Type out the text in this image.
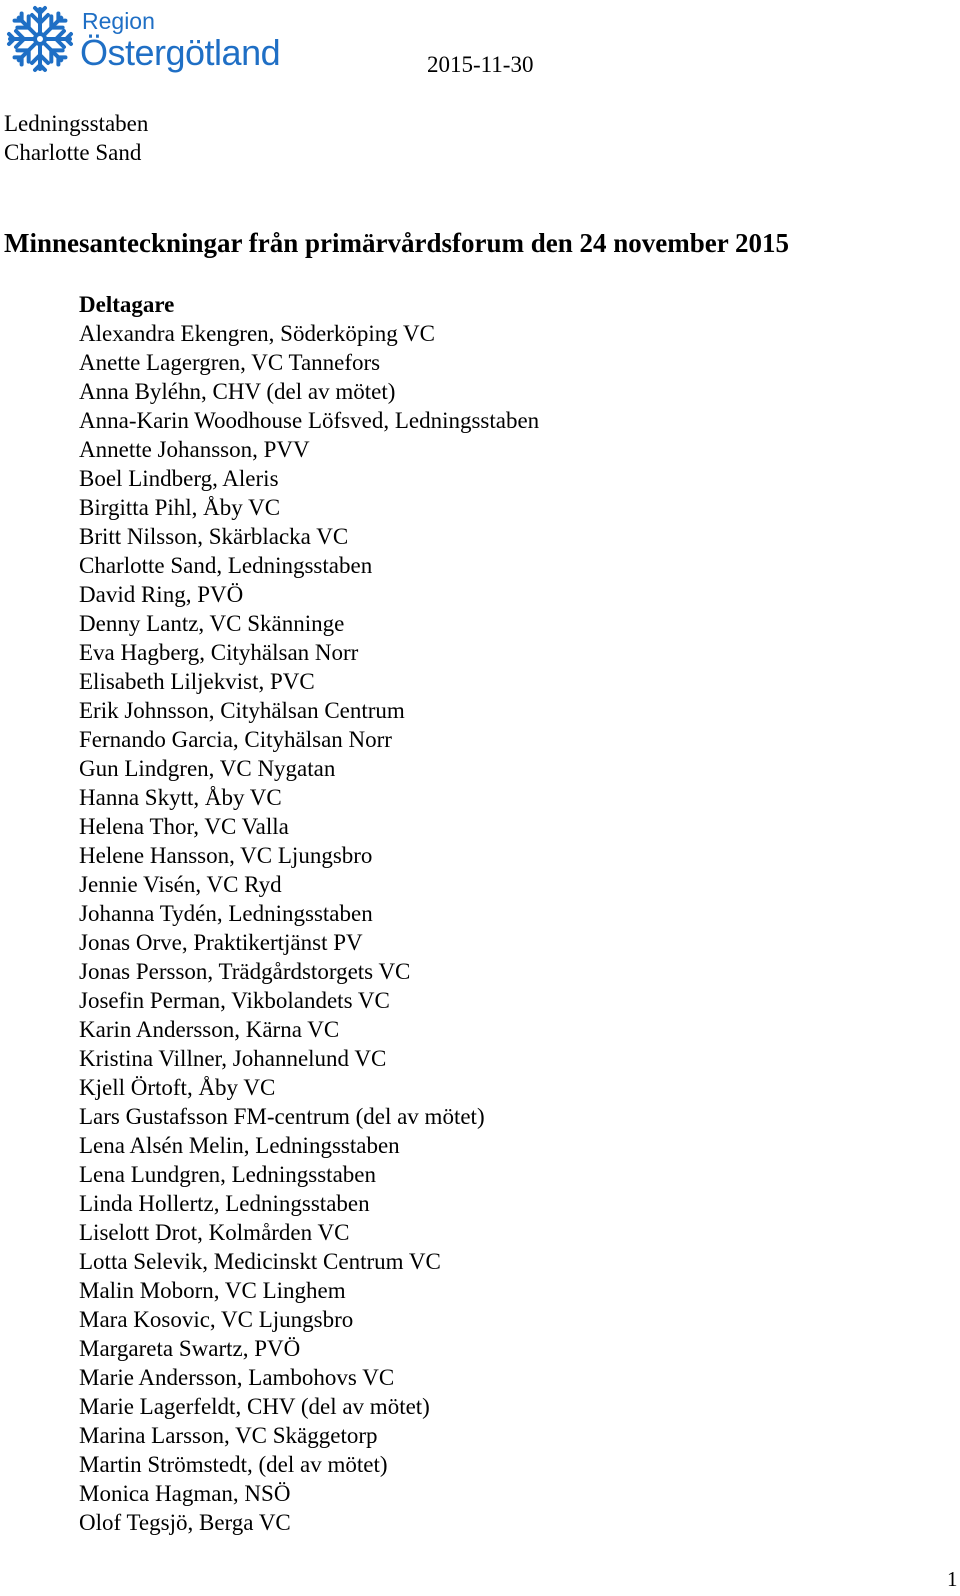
Region
Östergötland	2015-11-30
Ledningsstaben
Charlotte Sand
Minnesanteckningar från primärvårdsforum den 24 november 2015
Deltagare
Alexandra Ekengren, Söderköping VC
Anette Lagergren, VC Tannefors
Anna Byléhn, CHV (del av mötet)
Anna-Karin Woodhouse Löfsved, Ledningsstaben
Annette Johansson, PVV
Boel Lindberg, Aleris
Birgitta Pihl, Åby VC
Britt Nilsson, Skärblacka VC
Charlotte Sand, Ledningsstaben
David Ring, PVÖ
Denny Lantz, VC Skänninge
Eva Hagberg, Cityhälsan Norr
Elisabeth Liljekvist, PVC
Erik Johnsson, Cityhälsan Centrum
Fernando Garcia, Cityhälsan Norr
Gun Lindgren, VC Nygatan
Hanna Skytt, Åby VC
Helena Thor, VC Valla
Helene Hansson, VC Ljungsbro
Jennie Visén, VC Ryd
Johanna Tydén, Ledningsstaben
Jonas Orve, Praktikertjänst PV
Jonas Persson, Trädgårdstorgets VC
Josefin Perman, Vikbolandets VC
Karin Andersson, Kärna VC
Kristina Villner, Johannelund VC
Kjell Örtoft, Åby VC
Lars Gustafsson FM-centrum (del av mötet)
Lena Alsén Melin, Ledningsstaben
Lena Lundgren, Ledningsstaben
Linda Hollertz, Ledningsstaben
Liselott Drot, Kolmården VC
Lotta Selevik, Medicinskt Centrum VC
Malin Moborn, VC Linghem
Mara Kosovic, VC Ljungsbro
Margareta Swartz, PVÖ
Marie Andersson, Lambohovs VC
Marie Lagerfeldt, CHV (del av mötet)
Marina Larsson, VC Skäggetorp
Martin Strömstedt, (del av mötet)
Monica Hagman, NSÖ
Olof Tegsjö, Berga VC
1
